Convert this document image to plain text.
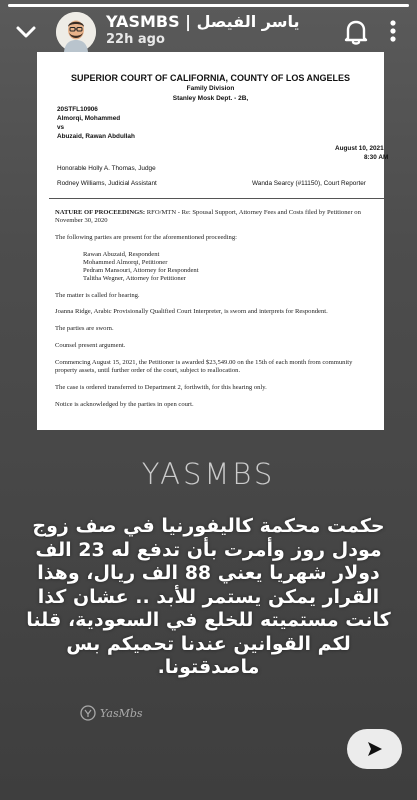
YASMBS | ياسر الفيصل
22h ago
SUPERIOR COURT OF CALIFORNIA, COUNTY OF LOS ANGELES
Family Division
Stanley Mosk Dept. - 2B,
20STFL10906
Almorqi, Mohammed
vs
Abuzaid, Rawan Abdullah
August 10, 2021
8:30 AM
Honorable Holly A. Thomas, Judge
Rodney Williams, Judicial Assistant	Wanda Searcy (#11150), Court Reporter
NATURE OF PROCEEDINGS: RFO/MTN - Re: Spousal Support, Attorney Fees and Costs filed by Petitioner on November 30, 2020
The following parties are present for the aforementioned proceeding:
Rawan Abuzaid, Respondent
Mohammed Almorqi, Petitioner
Pedram Mansouri, Attorney for Respondent
Talitha Wegner, Attorney for Petitioner
The matter is called for hearing.
Joanna Ridge, Arabic Provisionally Qualified Court Interpreter, is sworn and interprets for Respondent.
The parties are sworn.
Counsel present argument.
Commencing August 15, 2021, the Petitioner is awarded $23,549.00 on the 15th of each month from community property assets, until further order of the court, subject to reallocation.
The case is ordered transferred to Department 2, forthwith, for this hearing only.
Notice is acknowledged by the parties in open court.
YASMBS
حكمت محكمة كاليفورنيا في صف زوج مودل روز وأمرت بأن تدفع له 23 الف دولار شهريا يعني 88 الف ريال، وهذا القرار يمكن يستمر للأبد .. عشان كذا كانت مستميته للخلع في السعودية، قلنا لكم القوانين عندنا تحميكم بس ماصدقتونا.
YasMbs
